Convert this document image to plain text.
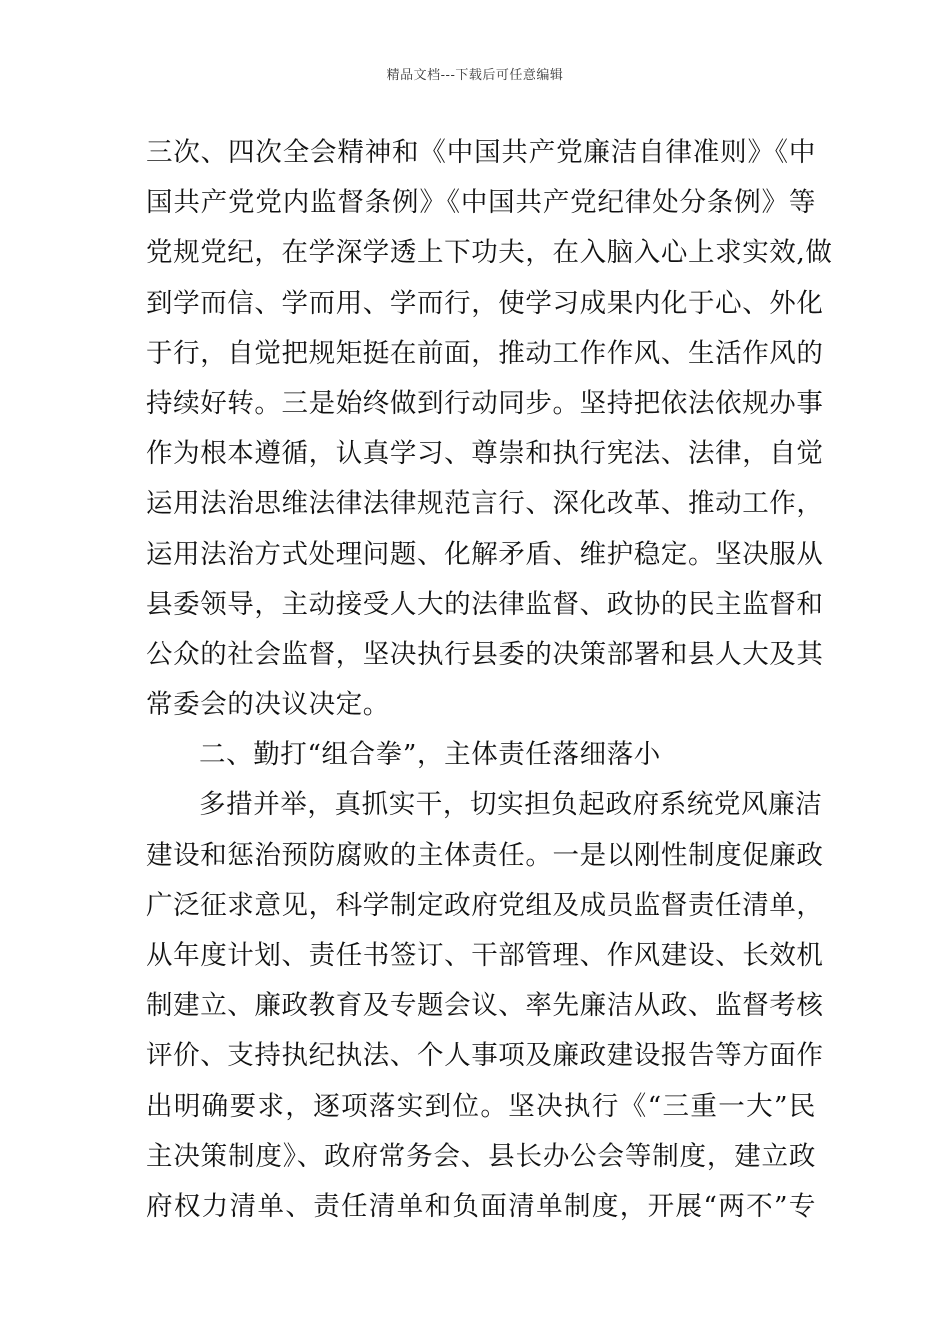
精品文档---下载后可任意编辑
三次、四次全会精神和《中国共产党廉洁自律准则》《中
国共产党党内监督条例》《中国共产党纪律处分条例》等
党规党纪，在学深学透上下功夫，在入脑入心上求实效,做
到学而信、学而用、学而行，使学习成果内化于心、外化
于行，自觉把规矩挺在前面，推动工作作风、生活作风的
持续好转。三是始终做到行动同步。坚持把依法依规办事
作为根本遵循，认真学习、尊崇和执行宪法、法律，自觉
运用法治思维法律法律规范言行、深化改革、推动工作，
运用法治方式处理问题、化解矛盾、维护稳定。坚决服从
县委领导，主动接受人大的法律监督、政协的民主监督和
公众的社会监督，坚决执行县委的决策部署和县人大及其
常委会的决议决定。
二、勤打“组合拳”，主体责任落细落小
多措并举，真抓实干，切实担负起政府系统党风廉洁
建设和惩治预防腐败的主体责任。一是以刚性制度促廉政
广泛征求意见，科学制定政府党组及成员监督责任清单，
从年度计划、责任书签订、干部管理、作风建设、长效机
制建立、廉政教育及专题会议、率先廉洁从政、监督考核
评价、支持执纪执法、个人事项及廉政建设报告等方面作
出明确要求，逐项落实到位。坚决执行《“三重一大”民
主决策制度》、政府常务会、县长办公会等制度，建立政
府权力清单、责任清单和负面清单制度，开展“两不”专
